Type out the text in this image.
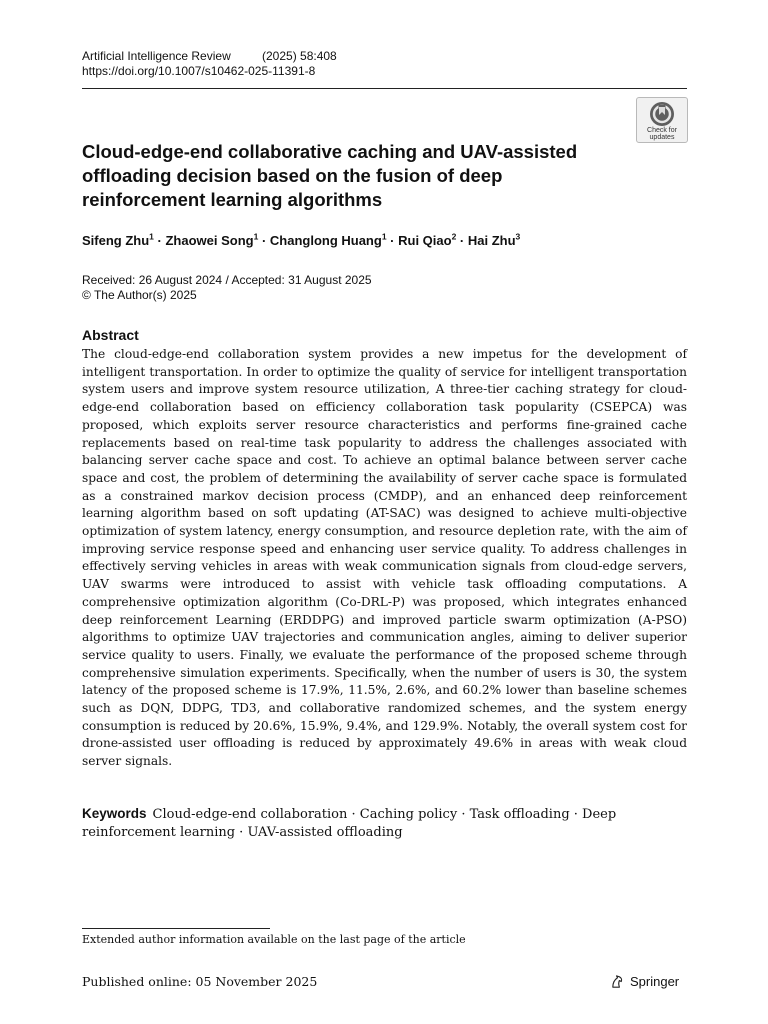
Artificial Intelligence Review	(2025) 58:408
https://doi.org/10.1007/s10462-025-11391-8
Check for
updates
Cloud-edge-end collaborative caching and UAV-assisted offloading decision based on the fusion of deep reinforcement learning algorithms
Sifeng Zhu$^1$ · Zhaowei Song$^1$ · Changlong Huang$^1$ · Rui Qiao$^2$ · Hai Zhu$^3$
Received: 26 August 2024 / Accepted: 31 August 2025
© The Author(s) 2025
Abstract

The cloud-edge-end collaboration system provides a new impetus for the development of intelligent transportation. In order to optimize the quality of service for intelligent transportation system users and improve system resource utilization, A three-tier caching strategy for cloud-edge-end collaboration based on efficiency collaboration task popularity (CSEPCA) was proposed, which exploits server resource characteristics and performs fine-grained cache replacements based on real-time task popularity to address the challenges associated with balancing server cache space and cost. To achieve an optimal balance between server cache space and cost, the problem of determining the availability of server cache space is formulated as a constrained markov decision process (CMDP), and an enhanced deep reinforcement learning algorithm based on soft updating (AT-SAC) was designed to achieve multi-objective optimization of system latency, energy consumption, and resource depletion rate, with the aim of improving service response speed and enhancing user service quality. To address challenges in effectively serving vehicles in areas with weak communication signals from cloud-edge servers, UAV swarms were introduced to assist with vehicle task offloading computations. A comprehensive optimization algorithm (Co-DRL-P) was proposed, which integrates enhanced deep reinforcement Learning (ERDDPG) and improved particle swarm optimization (A-PSO) algorithms to optimize UAV trajectories and communication angles, aiming to deliver superior service quality to users. Finally, we evaluate the performance of the proposed scheme through comprehensive simulation experiments. Specifically, when the number of users is 30, the system latency of the proposed scheme is 17.9%, 11.5%, 2.6%, and 60.2% lower than baseline schemes such as DQN, DDPG, TD3, and collaborative randomized schemes, and the system energy consumption is reduced by 20.6%, 15.9%, 9.4%, and 129.9%. Notably, the overall system cost for drone-assisted user offloading is reduced by approximately 49.6% in areas with weak cloud server signals.

Keywords Cloud-edge-end collaboration · Caching policy · Task offloading · Deep reinforcement learning · UAV-assisted offloading

Extended author information available on the last page of the article
Published online: 05 November 2025	Springer
